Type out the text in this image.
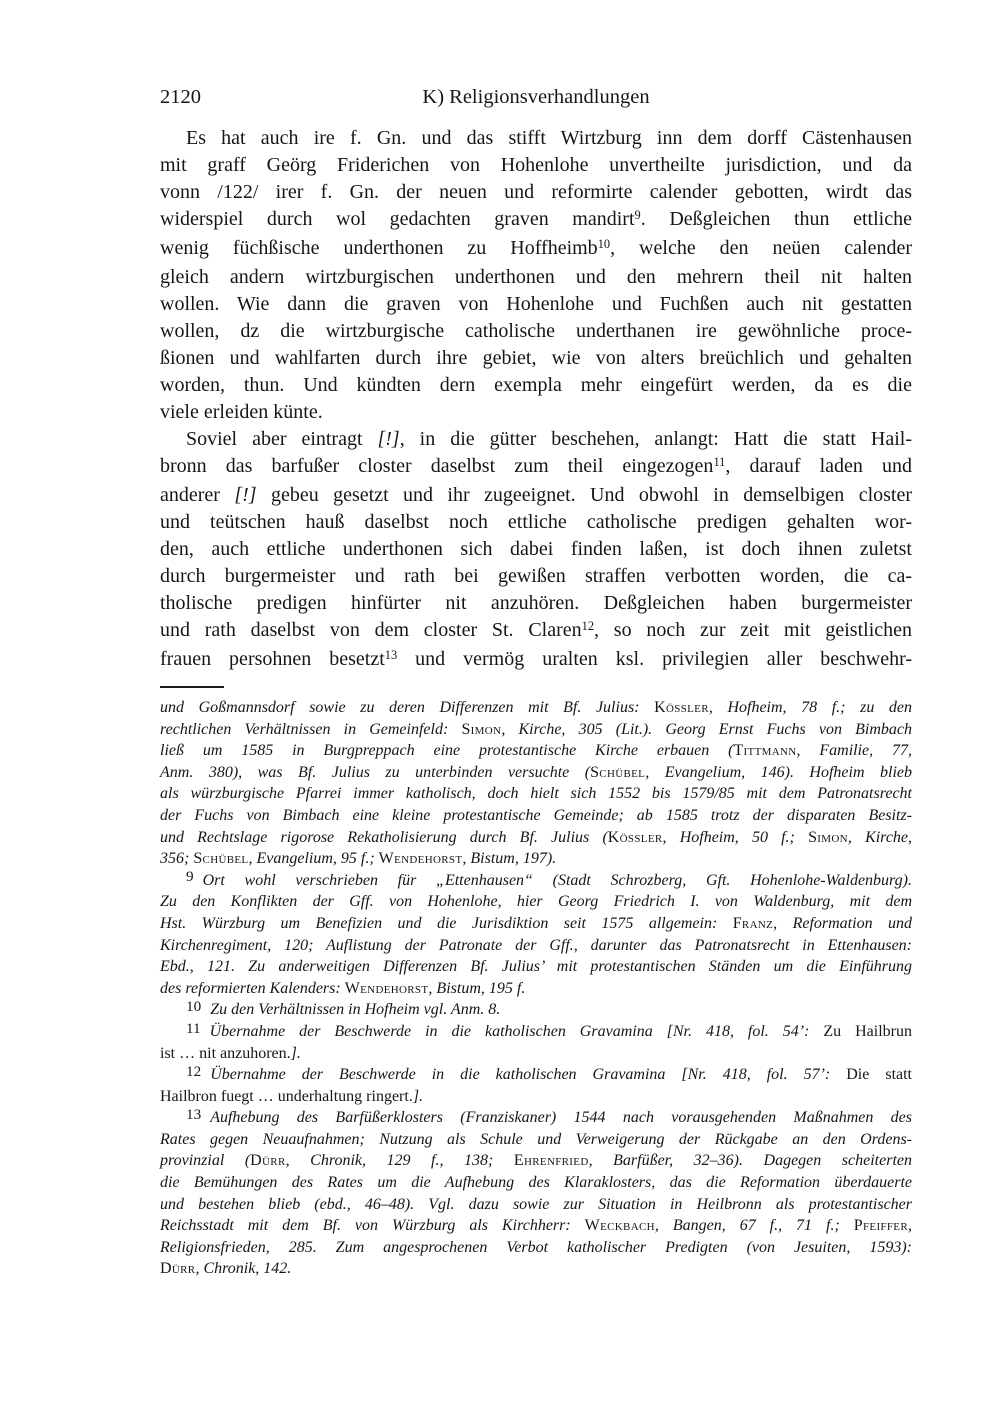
2120	K) Religionsverhandlungen
Es hat auch ire f. Gn. und das stifft Wirtzburg inn dem dorff Cästenhausen
mit graff Geörg Friderichen von Hohenlohe unvertheilte jurisdiction, und da
vonn /122/ irer f. Gn. der neuen und reformirte calender gebotten, wirdt das
widerspiel durch wol gedachten graven mandirt$^9$. Deßgleichen thun ettliche
wenig füchßische underthonen zu Hoffheimb$^{10}$, welche den neüen calender
gleich andern wirtzburgischen underthonen und den mehrern theil nit halten
wollen. Wie dann die graven von Hohenlohe und Fuchßen auch nit gestatten
wollen, dz die wirtzburgische catholische underthanen ire gewöhnliche proce-
ßionen und wahlfarten durch ihre gebiet, wie von alters breüchlich und gehalten
worden, thun. Und kündten dern exempla mehr eingefürt werden, da es die
viele erleiden künte.
Soviel aber eintragt [!], in die gütter beschehen, anlangt: Hatt die statt Hail-
bronn das barfußer closter daselbst zum theil eingezogen$^{11}$, darauf laden und
anderer [!] gebeu gesetzt und ihr zugeeignet. Und obwohl in demselbigen closter
und teütschen hauß daselbst noch ettliche catholische predigen gehalten wor-
den, auch ettliche underthonen sich dabei finden laßen, ist doch ihnen zuletst
durch burgermeister und rath bei gewißen straffen verbotten worden, die ca-
tholische predigen hinfürter nit anzuhören. Deßgleichen haben burgermeister
und rath daselbst von dem closter St. Claren$^{12}$, so noch zur zeit mit geistlichen
frauen persohnen besetzt$^{13}$ und vermög uralten ksl. privilegien aller beschwehr-
und Goßmannsdorf sowie zu deren Differenzen mit Bf. Julius: Kössler, Hofheim, 78 f.; zu den
rechtlichen Verhältnissen in Gemeinfeld: Simon, Kirche, 305 (Lit.). Georg Ernst Fuchs von Bimbach
ließ um 1585 in Burgpreppach eine protestantische Kirche erbauen (Tittmann, Familie, 77,
Anm. 380), was Bf. Julius zu unterbinden versuchte (Schübel, Evangelium, 146). Hofheim blieb
als würzburgische Pfarrei immer katholisch, doch hielt sich 1552 bis 1579/85 mit dem Patronatsrecht
der Fuchs von Bimbach eine kleine protestantische Gemeinde; ab 1585 trotz der disparaten Besitz-
und Rechtslage rigorose Rekatholisierung durch Bf. Julius (Kössler, Hofheim, 50 f.; Simon, Kirche,
356; Schübel, Evangelium, 95 f.; Wendehorst, Bistum, 197).
9 Ort wohl verschrieben für „Ettenhausen“ (Stadt Schrozberg, Gft. Hohenlohe-Waldenburg).
Zu den Konflikten der Gff. von Hohenlohe, hier Georg Friedrich I. von Waldenburg, mit dem
Hst. Würzburg um Benefizien und die Jurisdiktion seit 1575 allgemein: Franz, Reformation und
Kirchenregiment, 120; Auflistung der Patronate der Gff., darunter das Patronatsrecht in Ettenhausen:
Ebd., 121. Zu anderweitigen Differenzen Bf. Julius’ mit protestantischen Ständen um die Einführung
des reformierten Kalenders: Wendehorst, Bistum, 195 f.
10 Zu den Verhältnissen in Hofheim vgl. Anm. 8.
11 Übernahme der Beschwerde in die katholischen Gravamina [Nr. 418, fol. 54’: Zu Hailbrun
ist … nit anzuhoren.].
12 Übernahme der Beschwerde in die katholischen Gravamina [Nr. 418, fol. 57’: Die statt
Hailbron fuegt … underhaltung ringert.].
13 Aufhebung des Barfüßerklosters (Franziskaner) 1544 nach vorausgehenden Maßnahmen des
Rates gegen Neuaufnahmen; Nutzung als Schule und Verweigerung der Rückgabe an den Ordens-
provinzial (Dürr, Chronik, 129 f., 138; Ehrenfried, Barfüßer, 32–36). Dagegen scheiterten
die Bemühungen des Rates um die Aufhebung des Klaraklosters, das die Reformation überdauerte
und bestehen blieb (ebd., 46–48). Vgl. dazu sowie zur Situation in Heilbronn als protestantischer
Reichsstadt mit dem Bf. von Würzburg als Kirchherr: Weckbach, Bangen, 67 f., 71 f.; Pfeiffer,
Religionsfrieden, 285. Zum angesprochenen Verbot katholischer Predigten (von Jesuiten, 1593):
Dürr, Chronik, 142.
